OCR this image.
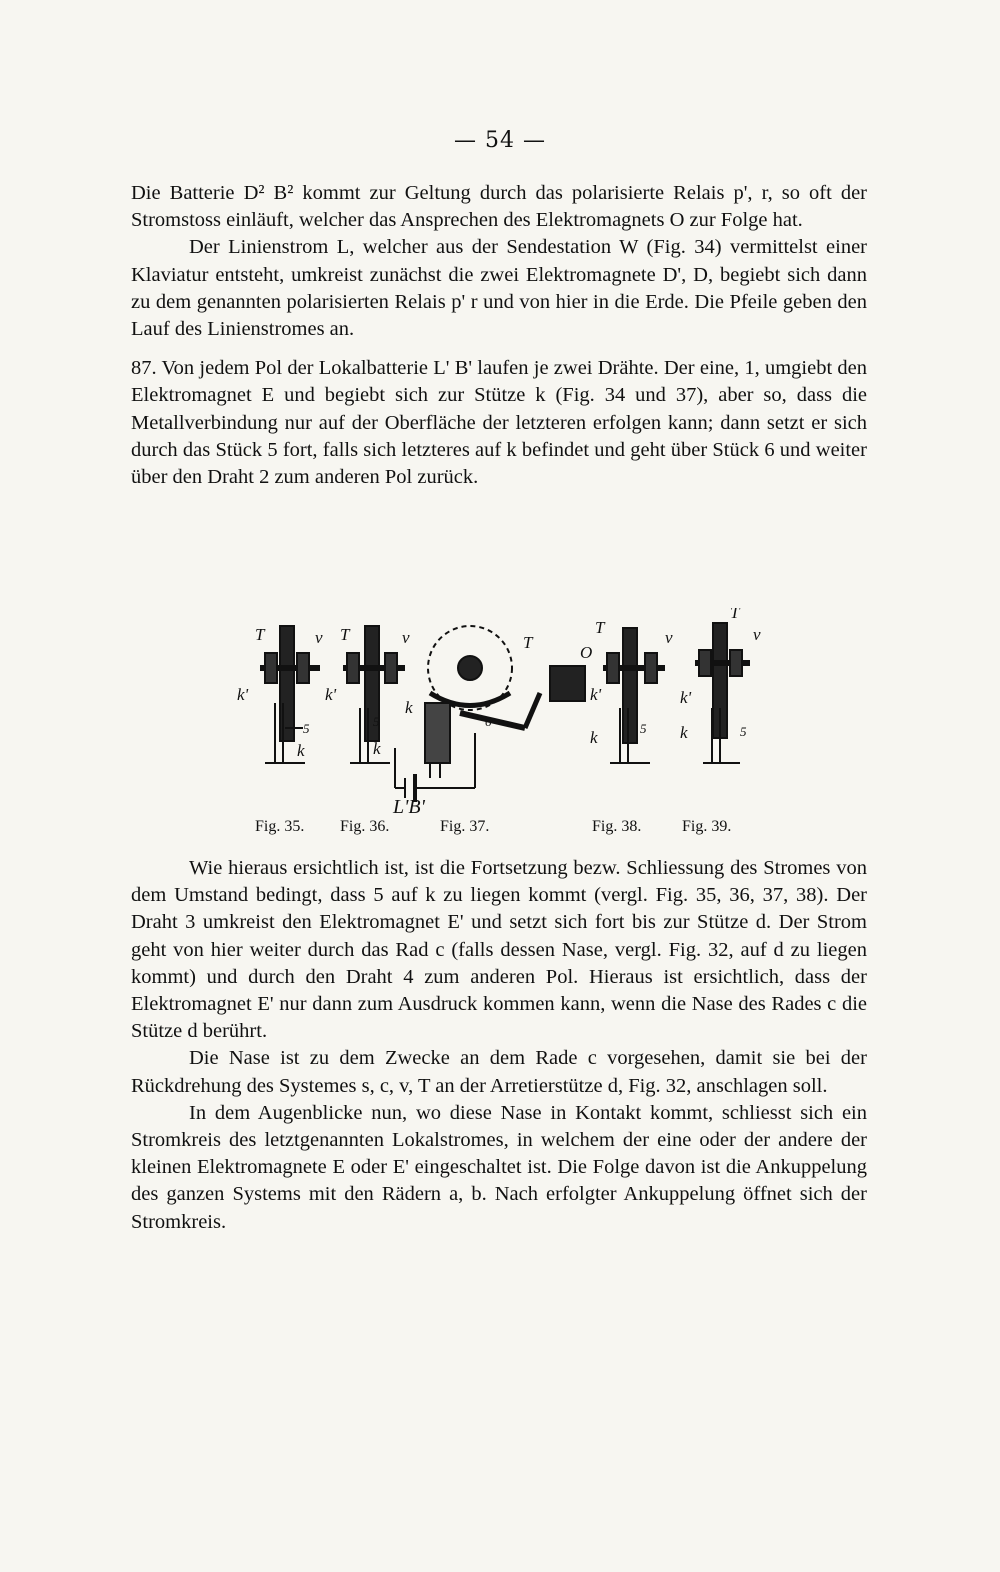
— 54 —

Die Batterie D² B² kommt zur Geltung durch das polarisierte Relais p', r, so oft der Stromstoss einläuft, welcher das Ansprechen des Elektromagnets O zur Folge hat.

Der Linienstrom L, welcher aus der Sendestation W (Fig. 34) vermittelst einer Klaviatur entsteht, umkreist zunächst die zwei Elektromagnete D', D, begiebt sich dann zu dem genannten polarisierten Relais p' r und von hier in die Erde. Die Pfeile geben den Lauf des Linienstromes an.

87. Von jedem Pol der Lokalbatterie L' B' laufen je zwei Drähte. Der eine, 1, umgiebt den Elektromagnet E und begiebt sich zur Stütze k (Fig. 34 und 37), aber so, dass die Metallverbindung nur auf der Oberfläche der letzteren erfolgen kann; dann setzt er sich durch das Stück 5 fort, falls sich letzteres auf k befindet und geht über Stück 6 und weiter über den Draht 2 zum anderen Pol zurück.

T	v
k'
5
k
T	v
k'
5
k
T
k
6
O
T
v
k'
5
k
T
v
k'
k	5
L'B'
Fig. 35. Fig. 36.	Fig. 37.	Fig. 38.	Fig. 39.

Wie hieraus ersichtlich ist, ist die Fortsetzung bezw. Schliessung des Stromes von dem Umstand bedingt, dass 5 auf k zu liegen kommt (vergl. Fig. 35, 36, 37, 38). Der Draht 3 umkreist den Elektromagnet E' und setzt sich fort bis zur Stütze d. Der Strom geht von hier weiter durch das Rad c (falls dessen Nase, vergl. Fig. 32, auf d zu liegen kommt) und durch den Draht 4 zum anderen Pol. Hieraus ist ersichtlich, dass der Elektromagnet E' nur dann zum Ausdruck kommen kann, wenn die Nase des Rades c die Stütze d berührt.

Die Nase ist zu dem Zwecke an dem Rade c vorgesehen, damit sie bei der Rückdrehung des Systemes s, c, v, T an der Arretierstütze d, Fig. 32, anschlagen soll.

In dem Augenblicke nun, wo diese Nase in Kontakt kommt, schliesst sich ein Stromkreis des letztgenannten Lokalstromes, in welchem der eine oder der andere der kleinen Elektromagnete E oder E' eingeschaltet ist. Die Folge davon ist die Ankuppelung des ganzen Systems mit den Rädern a, b. Nach erfolgter Ankuppelung öffnet sich der Stromkreis.
